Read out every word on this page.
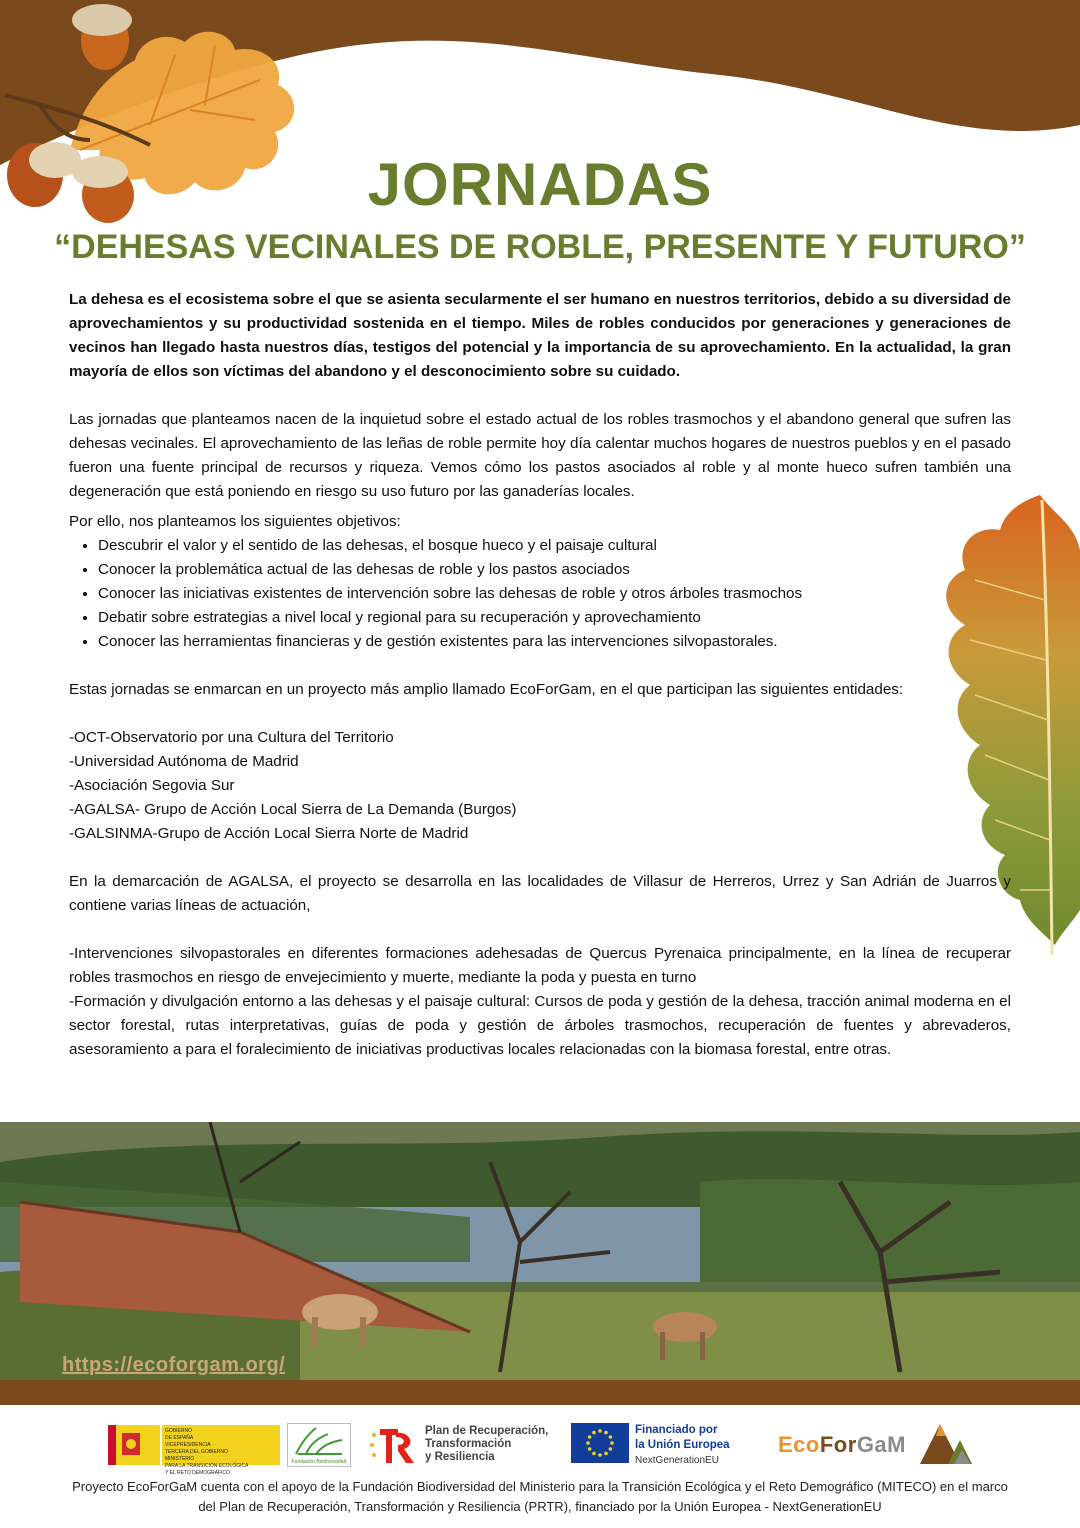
JORNADAS
“DEHESAS VECINALES DE ROBLE, PRESENTE Y FUTURO”

La dehesa es el ecosistema sobre el que se asienta secularmente el ser humano en nuestros territorios, debido a su diversidad de aprovechamientos y su productividad sostenida en el tiempo. Miles de robles conducidos por generaciones y generaciones de vecinos han llegado hasta nuestros días, testigos del potencial y la importancia de su aprovechamiento. En la actualidad, la gran mayoría de ellos son víctimas del abandono y el desconocimiento sobre su cuidado.

Las jornadas que planteamos nacen de la inquietud sobre el estado actual de los robles trasmochos y el abandono general que sufren las dehesas vecinales. El aprovechamiento de las leñas de roble permite hoy día calentar muchos hogares de nuestros pueblos y en el pasado fueron una fuente principal de recursos y riqueza. Vemos cómo los pastos asociados al roble y al monte hueco sufren también una degeneración que está poniendo en riesgo su uso futuro por las ganaderías locales.

Por ello, nos planteamos los siguientes objetivos:

• Descubrir el valor y el sentido de las dehesas, el bosque hueco y el paisaje cultural
• Conocer la problemática actual de las dehesas de roble y los pastos asociados
• Conocer las iniciativas existentes de intervención sobre las dehesas de roble y otros árboles trasmochos
• Debatir sobre estrategias a nivel local y regional para su recuperación y aprovechamiento
• Conocer las herramientas financieras y de gestión existentes para las intervenciones silvopastorales.

Estas jornadas se enmarcan en un proyecto más amplio llamado EcoForGam, en el que participan las siguientes entidades:

-OCT-Observatorio por una Cultura del Territorio

-Universidad Autónoma de Madrid

-Asociación Segovia Sur

-AGALSA- Grupo de Acción Local Sierra de La Demanda (Burgos)

-GALSINMA-Grupo de Acción Local Sierra Norte de Madrid

En la demarcación de AGALSA, el proyecto se desarrolla en las localidades de Villasur de Herreros, Urrez y San Adrián de Juarros y contiene varias líneas de actuación,

-Intervenciones silvopastorales en diferentes formaciones adehesadas de Quercus Pyrenaica principalmente, en la línea de recuperar robles trasmochos en riesgo de envejecimiento y muerte, mediante la poda y puesta en turno

-Formación y divulgación entorno a las dehesas y el paisaje cultural: Cursos de poda y gestión de la dehesa, tracción animal moderna en el sector forestal, rutas interpretativas, guías de poda y gestión de árboles trasmochos, recuperación de fuentes y abrevaderos, asesoramiento a para el foralecimiento de iniciativas productivas locales relacionadas con la biomasa forestal, entre otras.

https://ecoforgam.org/
GOBIERNO
DE ESPAÑA
VICEPRESIDENCIA
TERCERA DEL GOBIERNO
MINISTERIO
PARA LA TRANSICIÓN ECOLÓGICA
Y EL RETO DEMOGRÁFICO
Fundación Biodiversidad
Plan de Recuperación,
Transformación
y Resiliencia
Financiado por
la Unión Europea
NextGenerationEU
EcoForGaM
Proyecto EcoForGaM cuenta con el apoyo de la Fundación Biodiversidad del Ministerio para la Transición Ecológica y el Reto Demográfico (MITECO) en el marco
del Plan de Recuperación, Transformación y Resiliencia (PRTR), financiado por la Unión Europea - NextGenerationEU
